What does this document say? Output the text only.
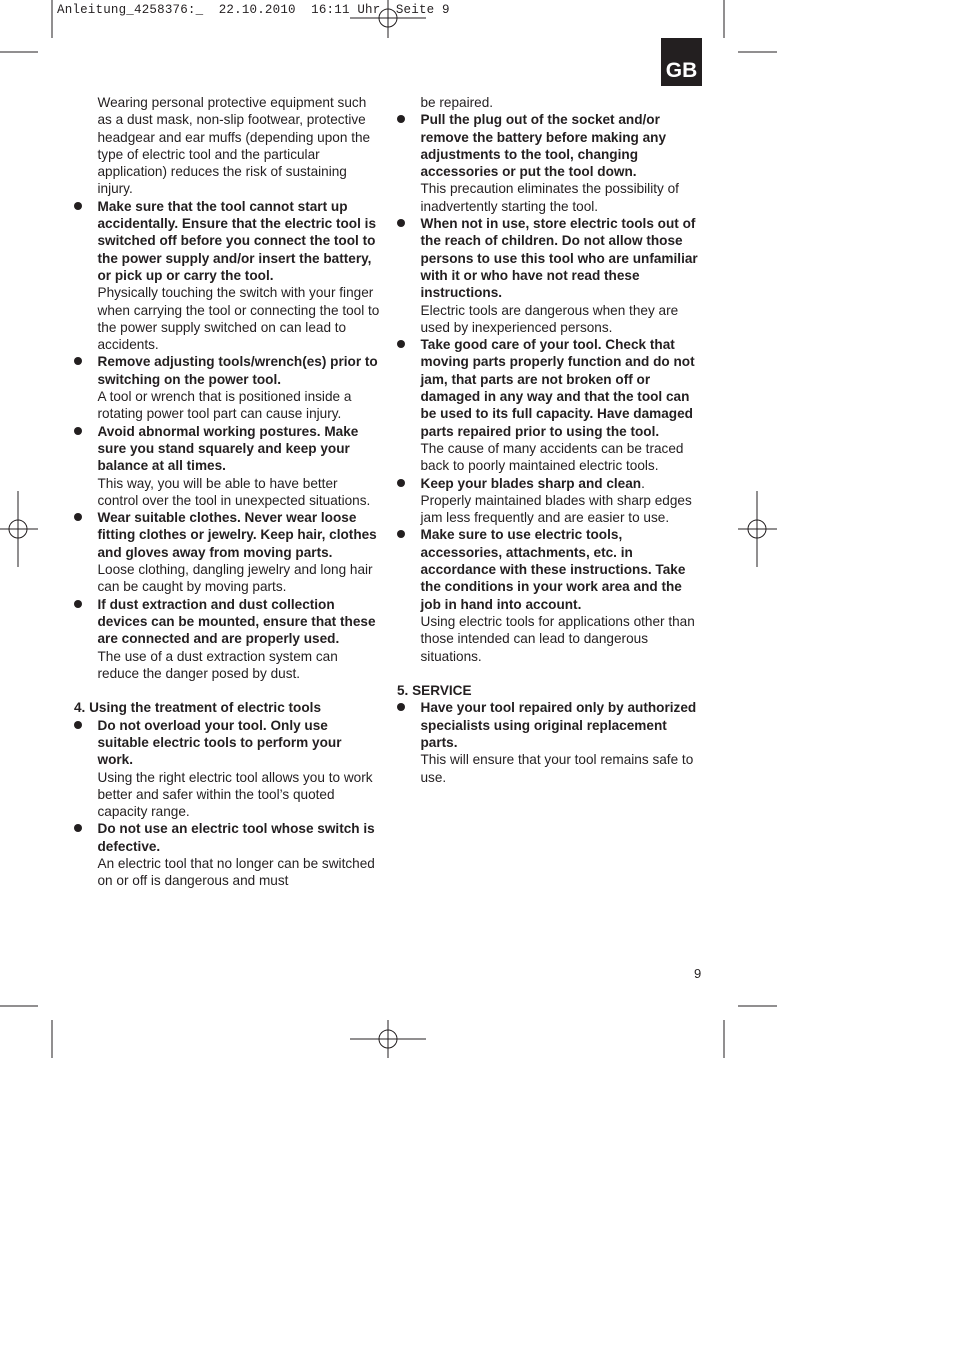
Anleitung_4258376:_  22.10.2010  16:11 Uhr  Seite 9
GB
Wearing personal protective equipment such as a dust mask, non-slip footwear, protective headgear and ear muffs (depending upon the type of electric tool and the particular application) reduces the risk of sustaining injury.
Make sure that the tool cannot start up accidentally. Ensure that the electric tool is switched off before you connect the tool to the power supply and/or insert the battery, or pick up or carry the tool.
Physically touching the switch with your finger when carrying the tool or connecting the tool to the power supply switched on can lead to accidents.
Remove adjusting tools/wrench(es) prior to switching on the power tool.
A tool or wrench that is positioned inside a rotating power tool part can cause injury.
Avoid abnormal working postures. Make sure you stand squarely and keep your balance at all times.
This way, you will be able to have better control over the tool in unexpected situations.
Wear suitable clothes. Never wear loose fitting clothes or jewelry. Keep hair, clothes and gloves away from moving parts.
Loose clothing, dangling jewelry and long hair can be caught by moving parts.
If dust extraction and dust collection devices can be mounted, ensure that these are connected and are properly used.
The use of a dust extraction system can reduce the danger posed by dust.
4. Using the treatment of electric tools
Do not overload your tool. Only use suitable electric tools to perform your work.
Using the right electric tool allows you to work better and safer within the tool’s quoted capacity range.
Do not use an electric tool whose switch is defective.
An electric tool that no longer can be switched on or off is dangerous and must
be repaired.
Pull the plug out of the socket and/or remove the battery before making any adjustments to the tool, changing accessories or put the tool down.
This precaution eliminates the possibility of inadvertently starting the tool.
When not in use, store electric tools out of the reach of children. Do not allow those persons to use this tool who are unfamiliar with it or who have not read these instructions.
Electric tools are dangerous when they are used by inexperienced persons.
Take good care of your tool. Check that moving parts properly function and do not jam, that parts are not broken off or damaged in any way and that the tool can be used to its full capacity. Have damaged parts repaired prior to using the tool.
The cause of many accidents can be traced back to poorly maintained electric tools.
Keep your blades sharp and clean.
Properly maintained blades with sharp edges jam less frequently and are easier to use.
Make sure to use electric tools, accessories, attachments, etc. in accordance with these instructions. Take the conditions in your work area and the job in hand into account.
Using electric tools for applications other than those intended can lead to dangerous situations.
5. SERVICE
Have your tool repaired only by authorized specialists using original replacement parts.
This will ensure that your tool remains safe to use.
9
